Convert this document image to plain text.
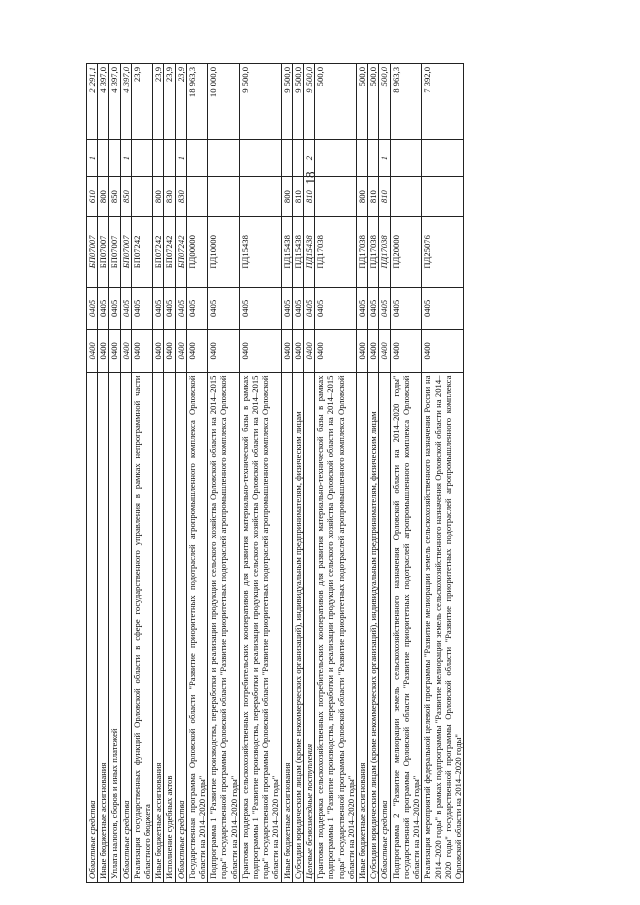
18
Областные средства	0400	0405	БП07007	610	1	2 291,1
Иные бюджетные ассигнования	0400	0405	БП07007	800		4 397,0
Уплата налогов, сборов и иных платежей	0400	0405	БП07007	850		4 397,0
Областные средства	0400	0405	БП07007	850	1	4 397,0
Реализация государственных функций Орловской области в сфере государственного управления в рамках непрограммной части областного бюджета	0400	0405	БП07242			23,9
Иные бюджетные ассигнования	0400	0405	БП07242	800		23,9
Исполнение судебных актов	0400	0405	БП07242	830		23,9
Областные средства	0400	0405	БП07242	830	1	23,9
Государственная программа Орловской области "Развитие приоритетных подотраслей агропромышленного комплекса Орловской области на 2014–2020 годы"	0400	0405	ПД00000			18 963,3
Подпрограмма 1 "Развитие производства, переработки и реализации продукции сельского хозяйства Орловской области на 2014–2015 годы" государственной программы Орловской области "Развитие приоритетных подотраслей агропромышленного комплекса Орловской области на 2014–2020 годы"	0400	0405	ПД10000			10 000,0
Грантовая поддержка сельскохозяйственных потребительских кооперативов для развития материально-технической базы в рамках подпрограммы 1 "Развитие производства, переработки и реализации продукции сельского хозяйства Орловской области на 2014–2015 годы" государственной программы Орловской области "Развитие приоритетных подотраслей агропромышленного комплекса Орловской области на 2014–2020 годы"	0400	0405	ПД15438			9 500,0
Иные бюджетные ассигнования	0400	0405	ПД15438	800		9 500,0
Субсидии юридическим лицам (кроме некоммерческих организаций), индивидуальным предпринимателям, физическим лицам	0400	0405	ПД15438	810		9 500,0
Целевые безвозмездные поступления	0400	0405	ПД15438	810	2	9 500,0
Грантовая поддержка сельскохозяйственных потребительских кооперативов для развития материально-технической базы в рамках подпрограммы 1 "Развитие производства, переработки и реализации продукции сельского хозяйства Орловской области на 2014–2015 годы" государственной программы Орловской области "Развитие приоритетных подотраслей агропромышленного комплекса Орловской области на 2014–2020 годы"	0400	0405	ПД17038			500,0
Иные бюджетные ассигнования	0400	0405	ПД17038	800		500,0
Субсидии юридическим лицам (кроме некоммерческих организаций), индивидуальным предпринимателям, физическим лицам	0400	0405	ПД17038	810		500,0
Областные средства	0400	0405	ПД17038	810	1	500,0
Подпрограмма 2 "Развитие мелиорации земель сельскохозяйственного назначения Орловской области на 2014–2020 годы" государственной программы Орловской области "Развитие приоритетных подотраслей агропромышленного комплекса Орловской области на 2014–2020 годы"	0400	0405	ПД20000			8 963,3
Реализация мероприятий федеральной целевой программы "Развитие мелиорации земель сельскохозяйственного назначения России на 2014–2020 годы" в рамках подпрограммы "Развитие мелиорации земель сельскохозяйственного назначения Орловской области на 2014–2020 годы" государственной программы Орловской области "Развитие приоритетных подотраслей агропромышленного комплекса Орловской области на 2014–2020 годы"	0400	0405	ПД25076			7 392,0
